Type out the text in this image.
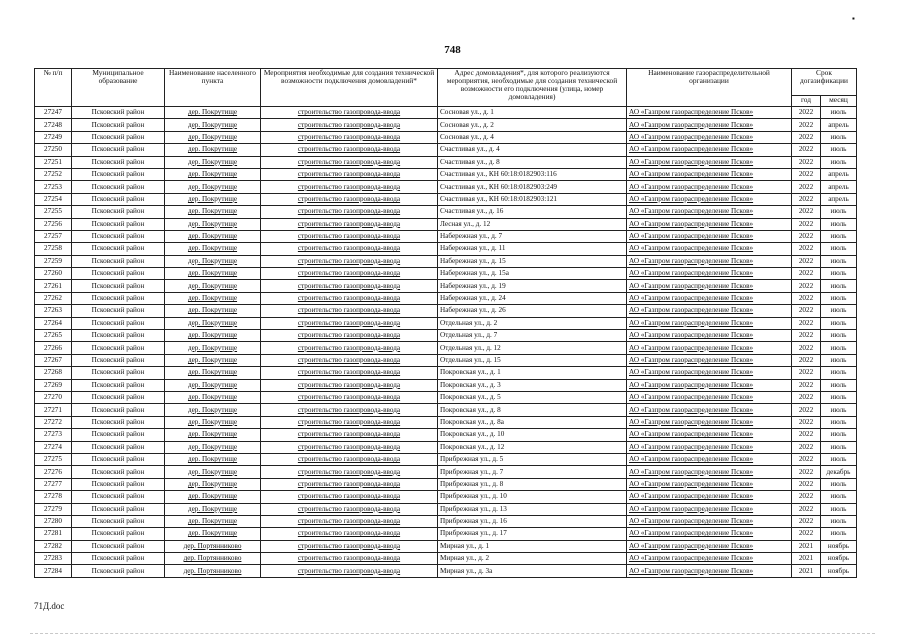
▪
748
№ п/п	Муниципальное образование	Наименование населенного пункта	Мероприятия необходимые для создания технической возможности подключения домовладений*	Адрес домовладения*, для которого реализуются мероприятия, необходимые для создания технической возможности его подключения (улица, номер домовладения)	Наименование газораспределительной организации	Срок догазификации	
						год	месяц
27247	Псковский район	дер. Покрутище	строительство газопровода-ввода	Сосновая ул., д. 1	АО «Газпром газораспределение Псков»	2022	июль
27248	Псковский район	дер. Покрутище	строительство газопровода-ввода	Сосновая ул., д. 2	АО «Газпром газораспределение Псков»	2022	апрель
27249	Псковский район	дер. Покрутище	строительство газопровода-ввода	Сосновая ул., д. 4	АО «Газпром газораспределение Псков»	2022	июль
27250	Псковский район	дер. Покрутище	строительство газопровода-ввода	Счастливая ул., д. 4	АО «Газпром газораспределение Псков»	2022	июль
27251	Псковский район	дер. Покрутище	строительство газопровода-ввода	Счастливая ул., д. 8	АО «Газпром газораспределение Псков»	2022	июль
27252	Псковский район	дер. Покрутище	строительство газопровода-ввода	Счастливая ул., КН 60:18:0182903:116	АО «Газпром газораспределение Псков»	2022	апрель
27253	Псковский район	дер. Покрутище	строительство газопровода-ввода	Счастливая ул., КН 60:18:0182903:249	АО «Газпром газораспределение Псков»	2022	апрель
27254	Псковский район	дер. Покрутище	строительство газопровода-ввода	Счастливая ул., КН 60:18:0182903:121	АО «Газпром газораспределение Псков»	2022	апрель
27255	Псковский район	дер. Покрутище	строительство газопровода-ввода	Счастливая ул., д. 16	АО «Газпром газораспределение Псков»	2022	июль
27256	Псковский район	дер. Покрутище	строительство газопровода-ввода	Лесная ул., д. 12	АО «Газпром газораспределение Псков»	2022	июль
27257	Псковский район	дер. Покрутище	строительство газопровода-ввода	Набережная ул., д. 7	АО «Газпром газораспределение Псков»	2022	июль
27258	Псковский район	дер. Покрутище	строительство газопровода-ввода	Набережная ул., д. 11	АО «Газпром газораспределение Псков»	2022	июль
27259	Псковский район	дер. Покрутище	строительство газопровода-ввода	Набережная ул., д. 15	АО «Газпром газораспределение Псков»	2022	июль
27260	Псковский район	дер. Покрутище	строительство газопровода-ввода	Набережная ул., д. 15а	АО «Газпром газораспределение Псков»	2022	июль
27261	Псковский район	дер. Покрутище	строительство газопровода-ввода	Набережная ул., д. 19	АО «Газпром газораспределение Псков»	2022	июль
27262	Псковский район	дер. Покрутище	строительство газопровода-ввода	Набережная ул., д. 24	АО «Газпром газораспределение Псков»	2022	июль
27263	Псковский район	дер. Покрутище	строительство газопровода-ввода	Набережная ул., д. 26	АО «Газпром газораспределение Псков»	2022	июль
27264	Псковский район	дер. Покрутище	строительство газопровода-ввода	Отдельная ул., д. 2	АО «Газпром газораспределение Псков»	2022	июль
27265	Псковский район	дер. Покрутище	строительство газопровода-ввода	Отдельная ул., д. 7	АО «Газпром газораспределение Псков»	2022	июль
27266	Псковский район	дер. Покрутище	строительство газопровода-ввода	Отдельная ул., д. 12	АО «Газпром газораспределение Псков»	2022	июль
27267	Псковский район	дер. Покрутище	строительство газопровода-ввода	Отдельная ул., д. 15	АО «Газпром газораспределение Псков»	2022	июль
27268	Псковский район	дер. Покрутище	строительство газопровода-ввода	Покровская ул., д. 1	АО «Газпром газораспределение Псков»	2022	июль
27269	Псковский район	дер. Покрутище	строительство газопровода-ввода	Покровская ул., д. 3	АО «Газпром газораспределение Псков»	2022	июль
27270	Псковский район	дер. Покрутище	строительство газопровода-ввода	Покровская ул., д. 5	АО «Газпром газораспределение Псков»	2022	июль
27271	Псковский район	дер. Покрутище	строительство газопровода-ввода	Покровская ул., д. 8	АО «Газпром газораспределение Псков»	2022	июль
27272	Псковский район	дер. Покрутище	строительство газопровода-ввода	Покровская ул., д. 8а	АО «Газпром газораспределение Псков»	2022	июль
27273	Псковский район	дер. Покрутище	строительство газопровода-ввода	Покровская ул., д. 10	АО «Газпром газораспределение Псков»	2022	июль
27274	Псковский район	дер. Покрутище	строительство газопровода-ввода	Покровская ул., д. 12	АО «Газпром газораспределение Псков»	2022	июль
27275	Псковский район	дер. Покрутище	строительство газопровода-ввода	Прибрежная ул., д. 5	АО «Газпром газораспределение Псков»	2022	июль
27276	Псковский район	дер. Покрутище	строительство газопровода-ввода	Прибрежная ул., д. 7	АО «Газпром газораспределение Псков»	2022	декабрь
27277	Псковский район	дер. Покрутище	строительство газопровода-ввода	Прибрежная ул., д. 8	АО «Газпром газораспределение Псков»	2022	июль
27278	Псковский район	дер. Покрутище	строительство газопровода-ввода	Прибрежная ул., д. 10	АО «Газпром газораспределение Псков»	2022	июль
27279	Псковский район	дер. Покрутище	строительство газопровода-ввода	Прибрежная ул., д. 13	АО «Газпром газораспределение Псков»	2022	июль
27280	Псковский район	дер. Покрутище	строительство газопровода-ввода	Прибрежная ул., д. 16	АО «Газпром газораспределение Псков»	2022	июль
27281	Псковский район	дер. Покрутище	строительство газопровода-ввода	Прибрежная ул., д. 17	АО «Газпром газораспределение Псков»	2022	июль
27282	Псковский район	дер. Портянниково	строительство газопровода-ввода	Мирная ул., д. 1	АО «Газпром газораспределение Псков»	2021	ноябрь
27283	Псковский район	дер. Портянниково	строительство газопровода-ввода	Мирная ул., д. 2	АО «Газпром газораспределение Псков»	2021	ноябрь
27284	Псковский район	дер. Портянниково	строительство газопровода-ввода	Мирная ул., д. 3а	АО «Газпром газораспределение Псков»	2021	ноябрь
71Д.doc
